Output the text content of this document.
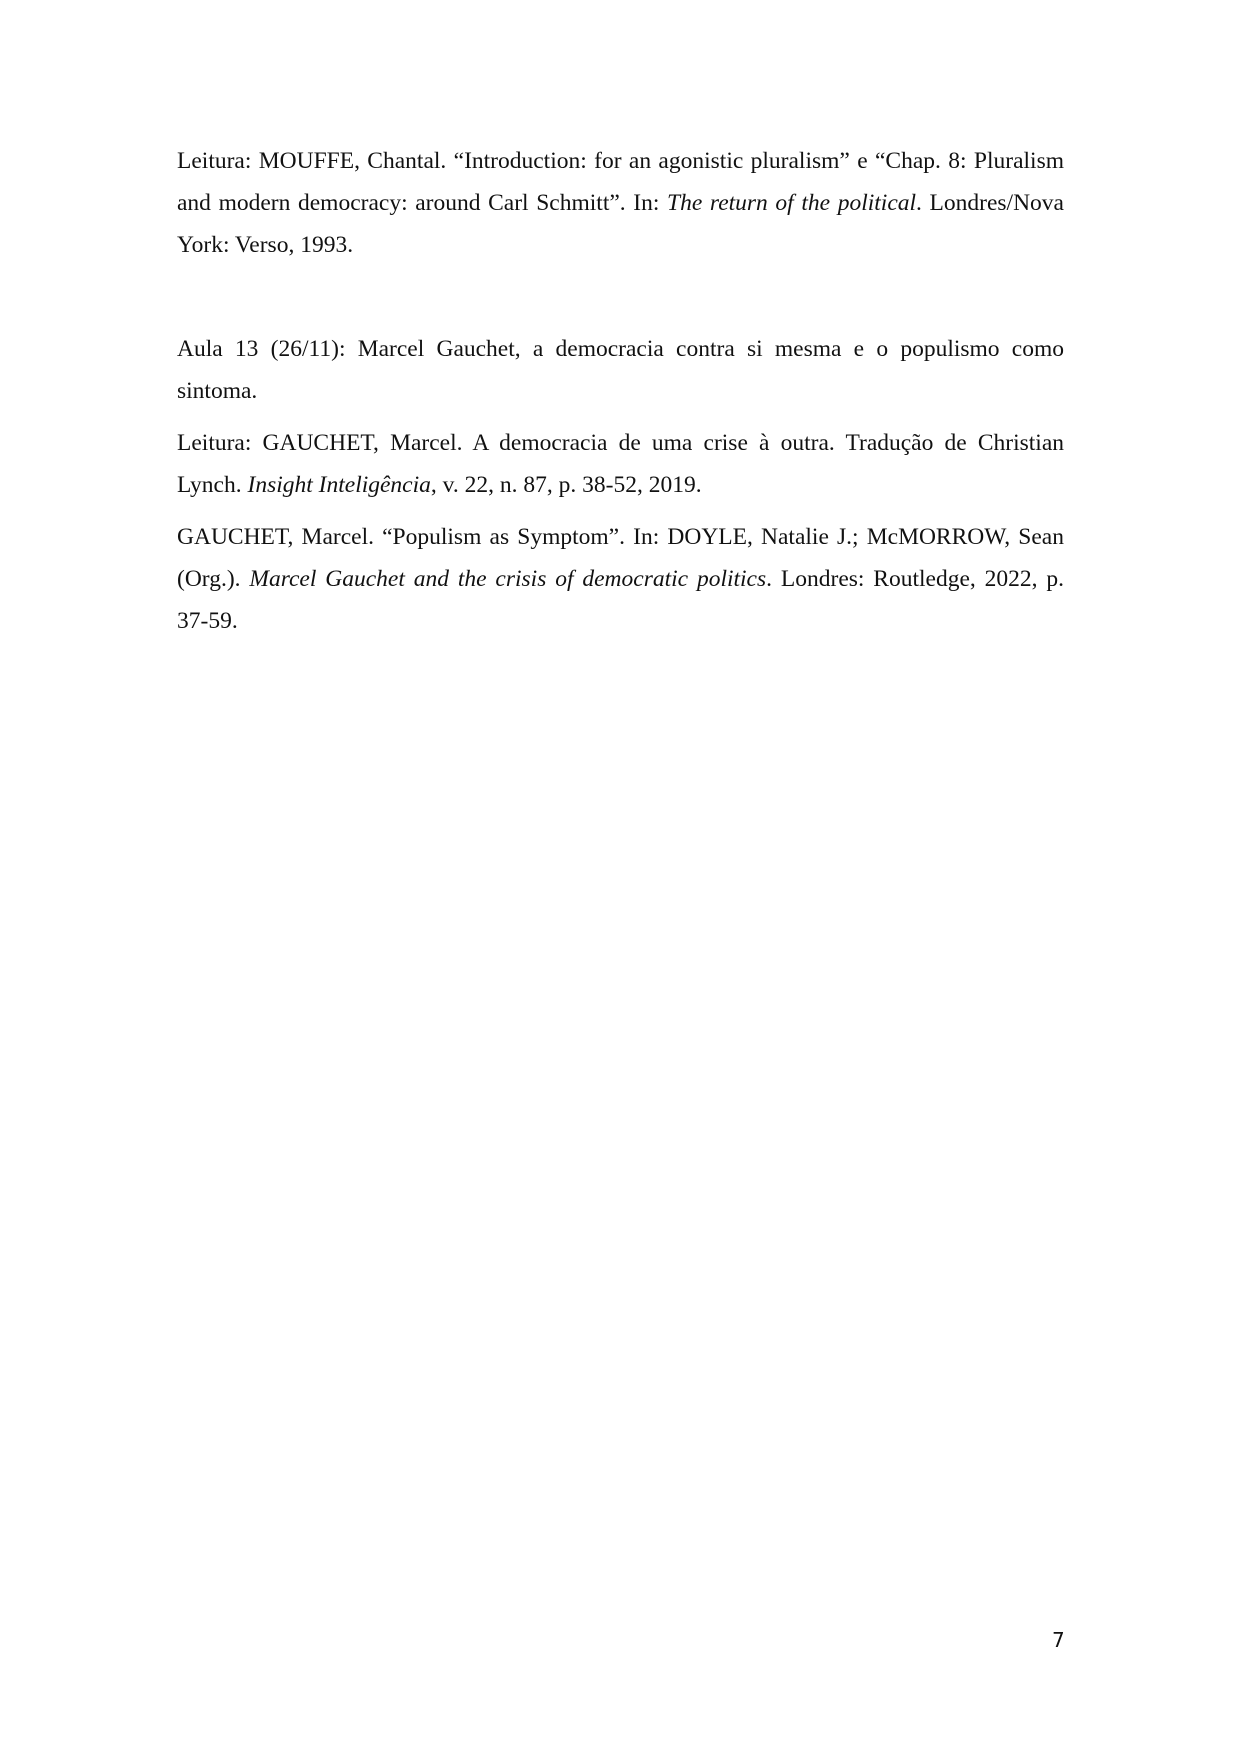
Leitura: MOUFFE, Chantal. “Introduction: for an agonistic pluralism” e “Chap. 8: Pluralism and modern democracy: around Carl Schmitt”. In: The return of the political. Londres/Nova York: Verso, 1993.

Aula 13 (26/11): Marcel Gauchet, a democracia contra si mesma e o populismo como sintoma.

Leitura: GAUCHET, Marcel. A democracia de uma crise à outra. Tradução de Christian Lynch. Insight Inteligência, v. 22, n. 87, p. 38-52, 2019.

GAUCHET, Marcel. “Populism as Symptom”. In: DOYLE, Natalie J.; McMORROW, Sean (Org.). Marcel Gauchet and the crisis of democratic politics. Londres: Routledge, 2022, p. 37-59.

7
